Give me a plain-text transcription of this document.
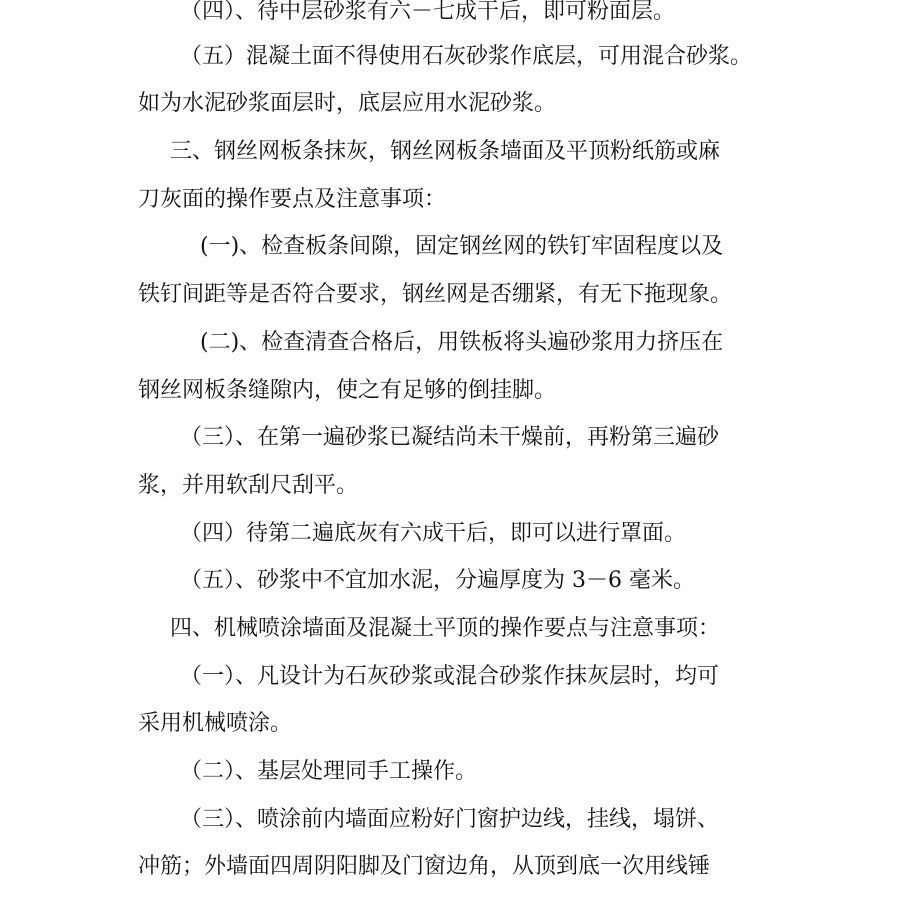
（四）、待中层砂浆有六－七成干后，即可粉面层。
（五）混凝土面不得使用石灰砂浆作底层，可用混合砂浆。
如为水泥砂浆面层时，底层应用水泥砂浆。
三、钢丝网板条抹灰，钢丝网板条墙面及平顶粉纸筋或麻
刀灰面的操作要点及注意事项：
(一)、检查板条间隙，固定钢丝网的铁钉牢固程度以及
铁钉间距等是否符合要求，钢丝网是否绷紧，有无下拖现象。
(二)、检查清查合格后，用铁板将头遍砂浆用力挤压在
钢丝网板条缝隙内，使之有足够的倒挂脚。
（三）、在第一遍砂浆已凝结尚未干燥前，再粉第三遍砂
浆，并用软刮尺刮平。
（四）待第二遍底灰有六成干后，即可以进行罩面。
（五）、砂浆中不宜加水泥，分遍厚度为 3－6 毫米。
四、机械喷涂墙面及混凝土平顶的操作要点与注意事项：
（一）、凡设计为石灰砂浆或混合砂浆作抹灰层时，均可
采用机械喷涂。
（二）、基层处理同手工操作。
（三）、喷涂前内墙面应粉好门窗护边线，挂线，塌饼、
冲筋；外墙面四周阴阳脚及门窗边角，从顶到底一次用线锤
